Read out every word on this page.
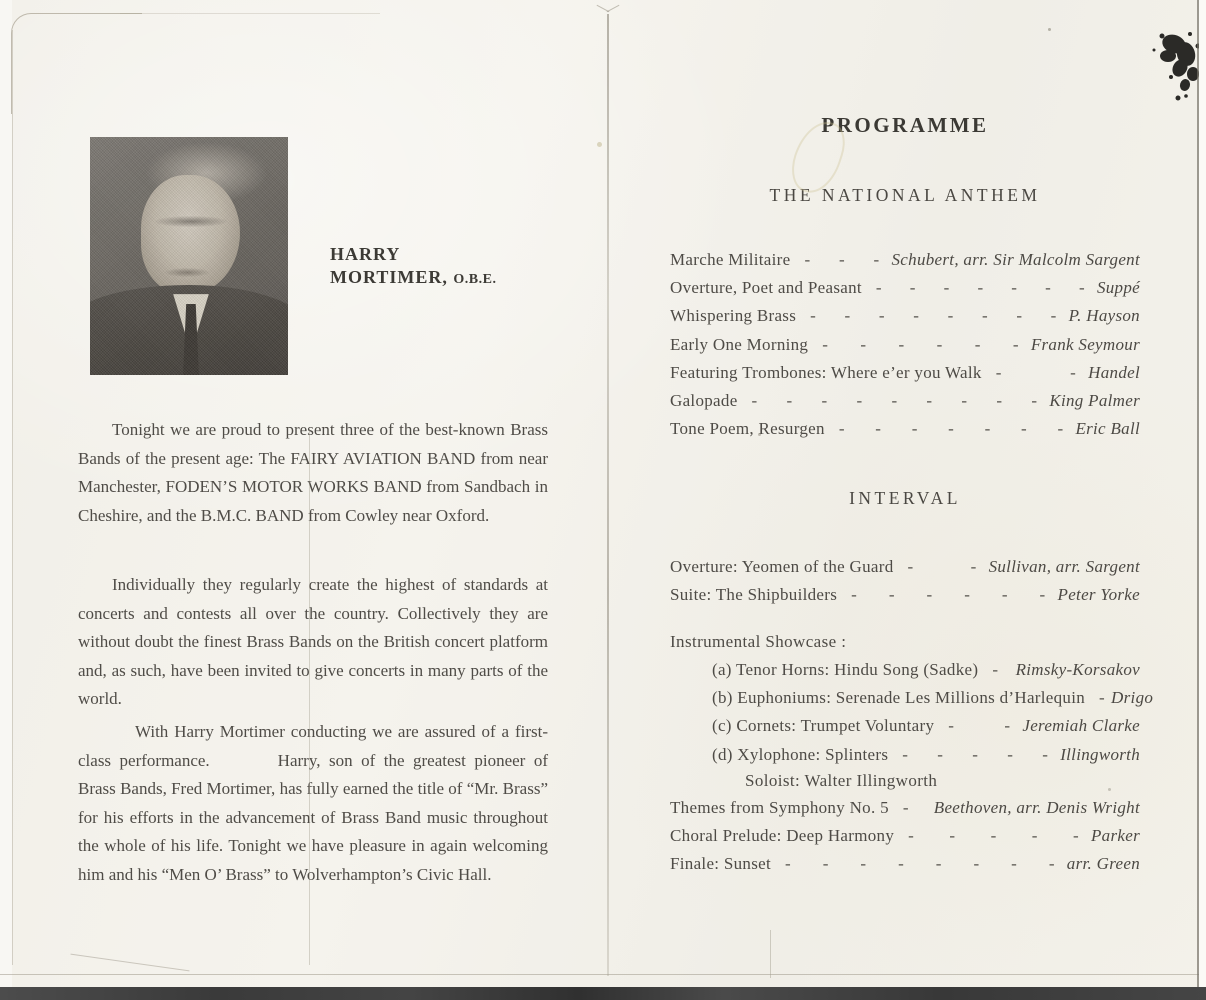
HARRY
MORTIMER, O.B.E.

Tonight we are proud to present three of the best-known Brass Bands of the present age: The FAIRY AVIATION BAND from near Manchester, FODEN’S MOTOR WORKS BAND from Sandbach in Cheshire, and the B.M.C. BAND from Cowley near Oxford.

Individually they regularly create the highest of standards at concerts and contests all over the country. Collectively they are without doubt the finest Brass Bands on the British concert platform and, as such, have been invited to give concerts in many parts of the world.

With Harry Mortimer conducting we are assured of a first-class performance.    Harry, son of the greatest pioneer of Brass Bands, Fred Mortimer, has fully earned the title of “Mr. Brass” for his efforts in the advancement of Brass Band music throughout the whole of his life. Tonight we have pleasure in again welcoming him and his “Men O’ Brass” to Wolverhampton’s Civic Hall.

PROGRAMME
THE NATIONAL ANTHEM
Marche Militaire - - - Schubert, arr. Sir Malcolm Sargent
Overture, Poet and Peasant - - - - - - - Suppé
Whispering Brass - - - - - - - - P. Hayson
Early One Morning - - - - - - Frank Seymour
Featuring Trombones: Where e’er you Walk - - Handel
Galopade - - - - - - - - - King Palmer
Tone Poem, Resurgen - - - - - - - Eric Ball
INTERVAL
Overture: Yeomen of the Guard - - Sullivan, arr. Sargent
Suite: The Shipbuilders - - - - - - Peter Yorke
Instrumental Showcase :
(a) Tenor Horns: Hindu Song (Sadke) -	Rimsky-Korsakov
(b) Euphoniums: Serenade Les Millions d’Harlequin - Drigo
(c) Cornets: Trumpet Voluntary - - Jeremiah Clarke
(d) Xylophone: Splinters - - - - - Illingworth
Soloist: Walter Illingworth
Themes from Symphony No. 5 -	Beethoven, arr. Denis Wright
Choral Prelude: Deep Harmony - - - - - Parker
Finale: Sunset - - - - - - - - arr. Green
